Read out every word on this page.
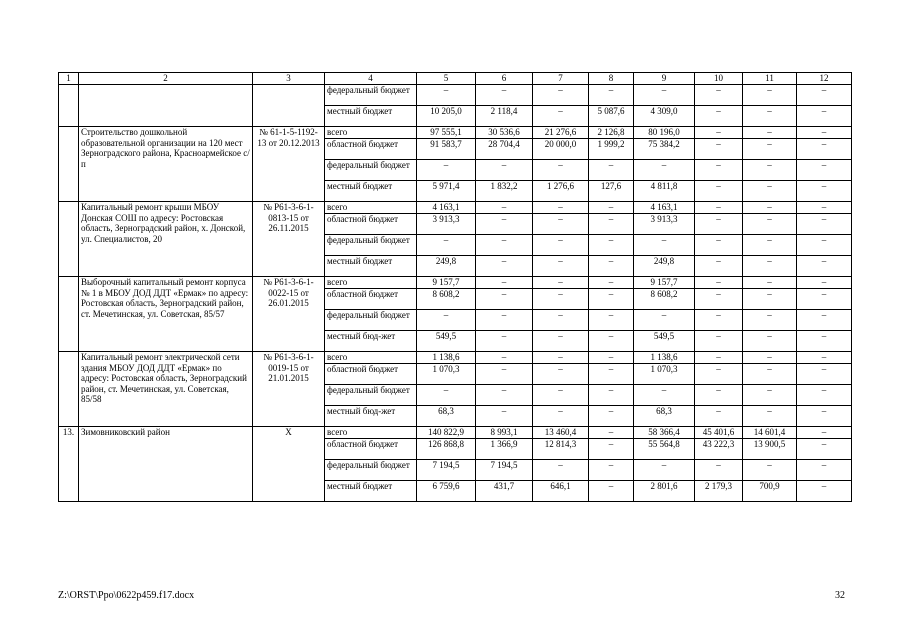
1	2	3	4	5	6	7	8	9	10	11	12
			федеральный бюджет	–	–	–	–	–	–	–	–
			местный бюджет	10 205,0	2 118,4	–	5 087,6	4 309,0	–	–	–
	Строительство дошкольной образовательной организации на 120 мест Зерноградского района, Красноармейское с/п	№ 61-1-5-1192-13 от 20.12.2013	всего	97 555,1	30 536,6	21 276,6	2 126,8	80 196,0	–	–	–
			областной бюджет	91 583,7	28 704,4	20 000,0	1 999,2	75 384,2	–	–	–
			федеральный бюджет	–	–	–	–	–	–	–	–
			местный бюджет	5 971,4	1 832,2	1 276,6	127,6	4 811,8	–	–	–
	Капитальный ремонт крыши МБОУ Донская СОШ по адресу: Ростовская область, Зерноградский район, х. Донской, ул. Специалистов, 20	№ Р61-3-6-1-0813-15 от 26.11.2015	всего	4 163,1	–	–	–	4 163,1	–	–	–
			областной бюджет	3 913,3	–	–	–	3 913,3	–	–	–
			федеральный бюджет	–	–	–	–	–	–	–	–
			местный бюджет	249,8	–	–	–	249,8	–	–	–
	Выборочный капитальный ремонт корпуса № 1 в МБОУ ДОД ДДТ «Ермак» по адресу: Ростовская область, Зерноградский район, ст. Мечетинская, ул. Советская, 85/57	№ Р61-3-6-1-0022-15 от 26.01.2015	всего	9 157,7	–	–	–	9 157,7	–	–	–
			областной бюджет	8 608,2	–	–	–	8 608,2	–	–	–
			федеральный бюджет	–	–	–	–	–	–	–	–
			местный бюд-жет	549,5	–	–	–	549,5	–	–	–
	Капитальный ремонт электрической сети здания МБОУ ДОД ДДТ «Ермак» по адресу: Ростовская область, Зерноградский район, ст. Мечетинская, ул. Советская, 85/58	№ Р61-3-6-1-0019-15 от 21.01.2015	всего	1 138,6	–	–	–	1 138,6	–	–	–
			областной бюджет	1 070,3	–	–	–	1 070,3	–	–	–
			федеральный бюджет	–	–	–	–	–	–	–	–
			местный бюд-жет	68,3	–	–	–	68,3	–	–	–
13.	Зимовниковский район	Х	всего	140 822,9	8 993,1	13 460,4	–	58 366,4	45 401,6	14 601,4	–
			областной бюджет	126 868,8	1 366,9	12 814,3	–	55 564,8	43 222,3	13 900,5	–
			федеральный бюджет	7 194,5	7 194,5	–	–	–	–	–	–
			местный бюджет	6 759,6	431,7	646,1	–	2 801,6	2 179,3	700,9	–
Z:\ORST\Ppo\0622p459.f17.docx	32
